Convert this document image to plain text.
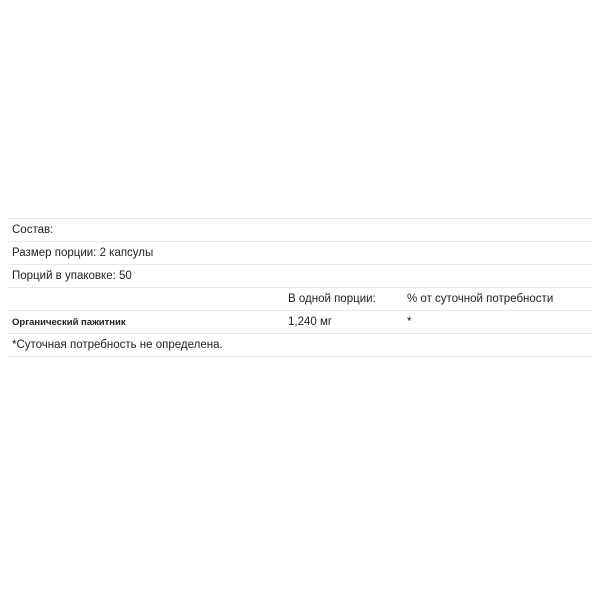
Состав:		
Размер порции: 2 капсулы		
Порций в упаковке: 50		
	В одной порции:	% от суточной потребности
Органический пажитник	1,240 мг	*
*Суточная потребность не определена.		
